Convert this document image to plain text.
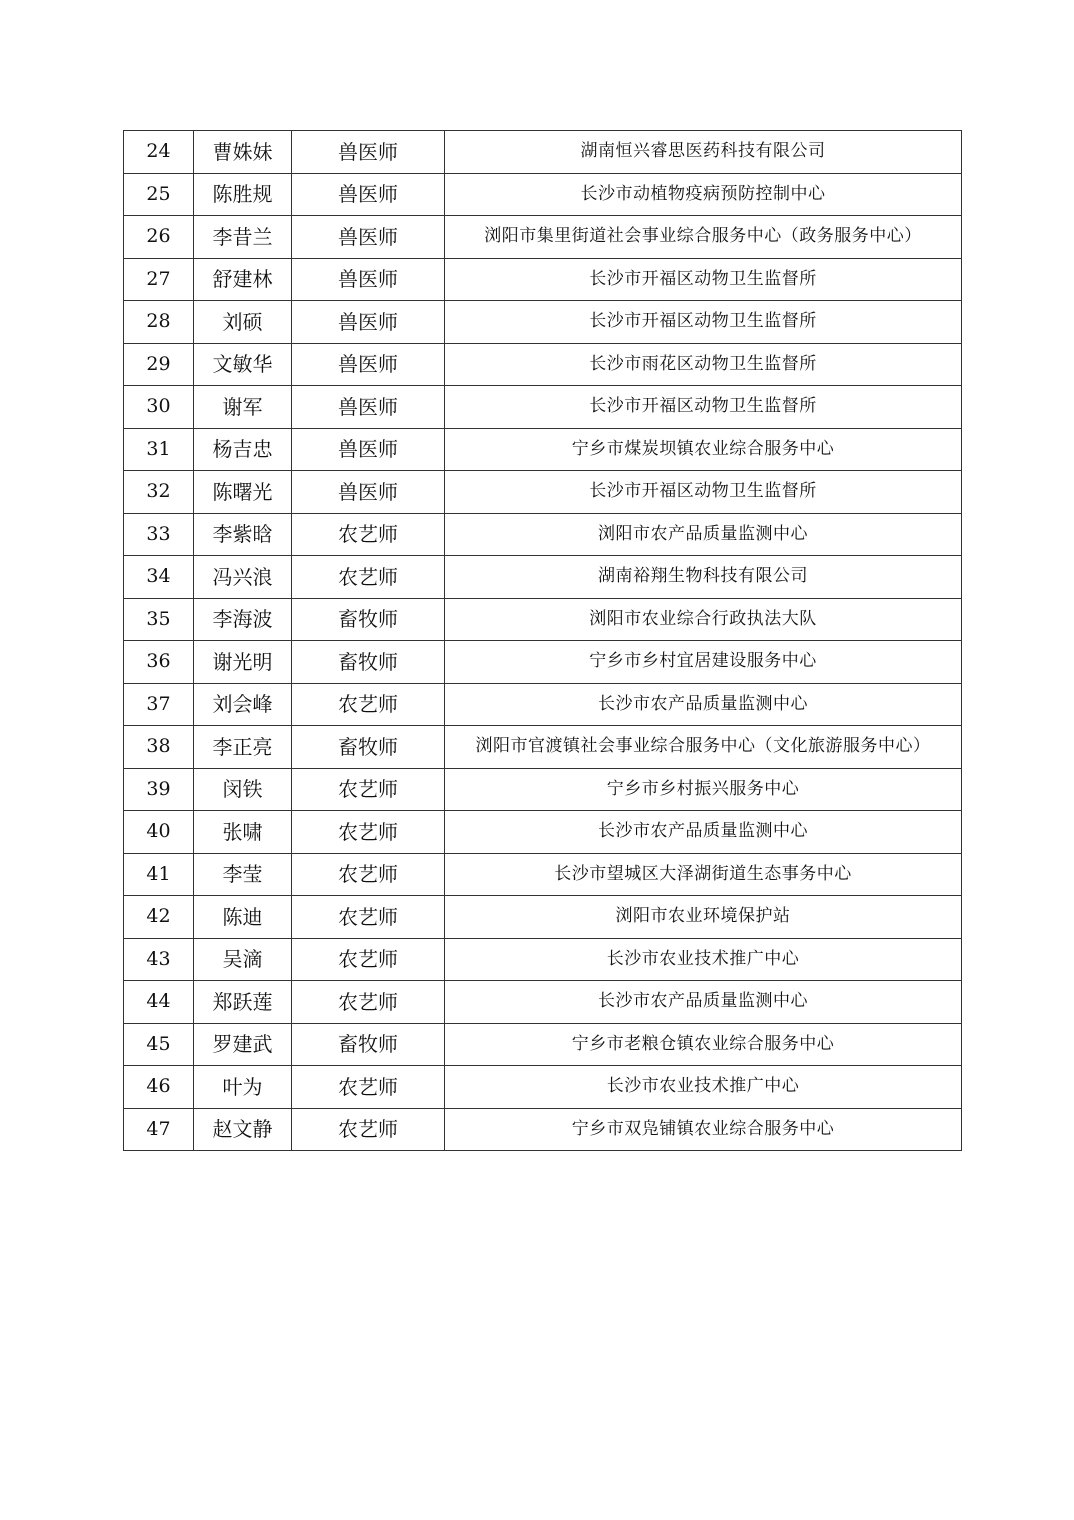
24	曹姝妹	兽医师	湖南恒兴睿思医药科技有限公司
25	陈胜规	兽医师	长沙市动植物疫病预防控制中心
26	李昔兰	兽医师	浏阳市集里街道社会事业综合服务中心（政务服务中心）
27	舒建林	兽医师	长沙市开福区动物卫生监督所
28	刘硕	兽医师	长沙市开福区动物卫生监督所
29	文敏华	兽医师	长沙市雨花区动物卫生监督所
30	谢军	兽医师	长沙市开福区动物卫生监督所
31	杨吉忠	兽医师	宁乡市煤炭坝镇农业综合服务中心
32	陈曙光	兽医师	长沙市开福区动物卫生监督所
33	李紫晗	农艺师	浏阳市农产品质量监测中心
34	冯兴浪	农艺师	湖南裕翔生物科技有限公司
35	李海波	畜牧师	浏阳市农业综合行政执法大队
36	谢光明	畜牧师	宁乡市乡村宜居建设服务中心
37	刘会峰	农艺师	长沙市农产品质量监测中心
38	李正亮	畜牧师	浏阳市官渡镇社会事业综合服务中心（文化旅游服务中心）
39	闵铁	农艺师	宁乡市乡村振兴服务中心
40	张啸	农艺师	长沙市农产品质量监测中心
41	李莹	农艺师	长沙市望城区大泽湖街道生态事务中心
42	陈迪	农艺师	浏阳市农业环境保护站
43	吴滴	农艺师	长沙市农业技术推广中心
44	郑跃莲	农艺师	长沙市农产品质量监测中心
45	罗建武	畜牧师	宁乡市老粮仓镇农业综合服务中心
46	叶为	农艺师	长沙市农业技术推广中心
47	赵文静	农艺师	宁乡市双凫铺镇农业综合服务中心
